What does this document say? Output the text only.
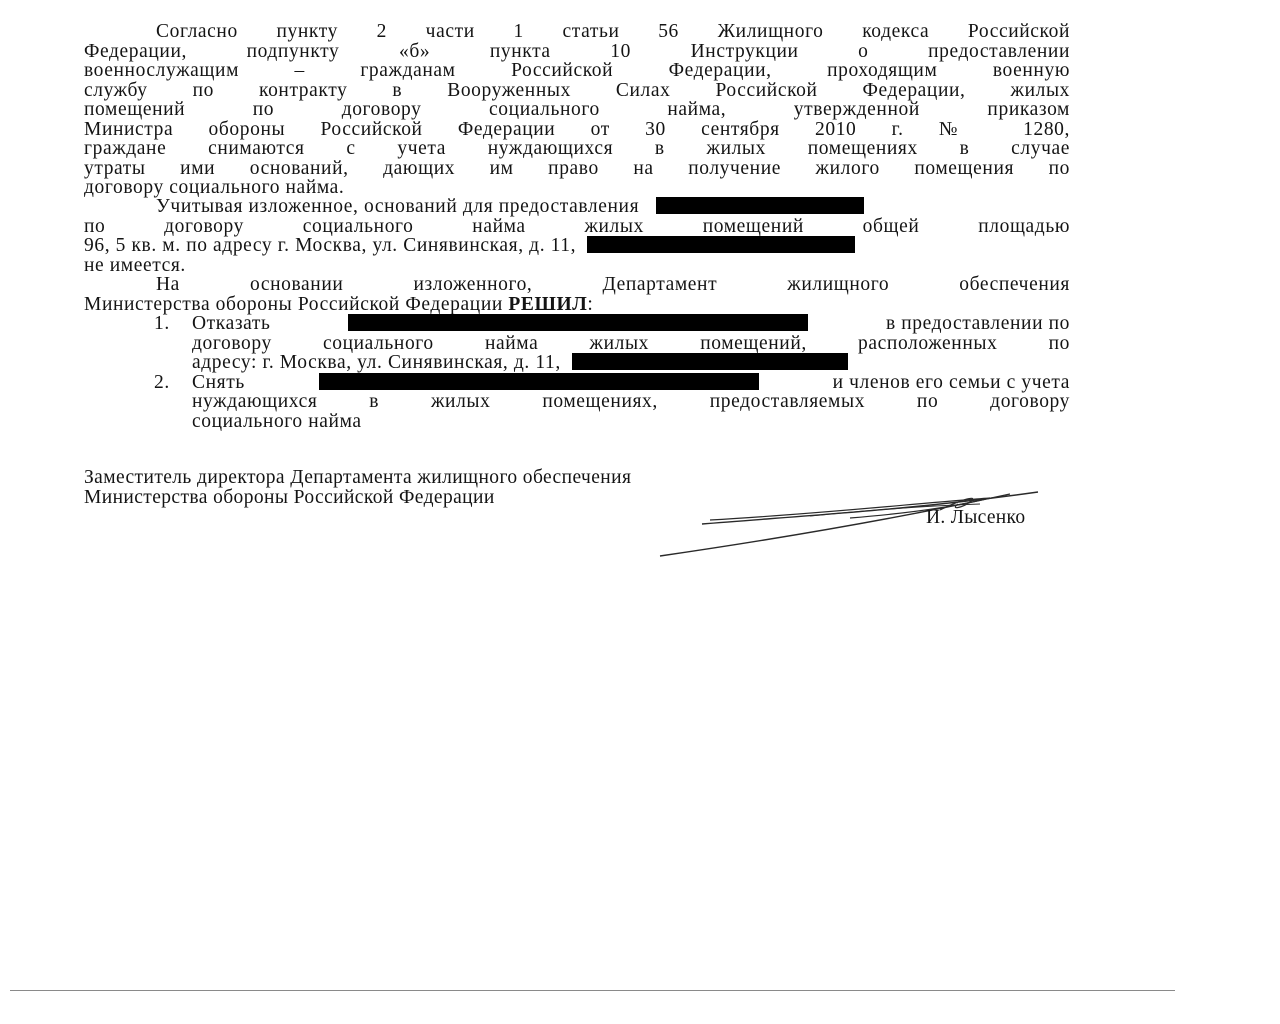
Согласно пункту 2 части 1 статьи 56 Жилищного кодекса Российской
Федерации, подпункту «б» пункта 10 Инструкции о предоставлении
военнослужащим – гражданам Российской Федерации, проходящим военную
службу по контракту в Вооруженных Силах Российской Федерации, жилых
помещений по договору социального найма, утвержденной приказом
Министра обороны Российской Федерации от 30 сентября 2010 г. № 1280,
граждане снимаются с учета нуждающихся в жилых помещениях в случае
утраты ими оснований, дающих им право на получение жилого помещения по
договору социального найма.
Учитывая изложенное, оснований для предоставления
по договору социального найма жилых помещений общей площадью
96, 5 кв. м. по адресу г. Москва, ул. Синявинская, д. 11,
не имеется.
На основании изложенного, Департамент жилищного обеспечения
Министерства обороны Российской Федерации РЕШИЛ:
1. Отказать	в предоставлении по
договору социального найма жилых помещений, расположенных по
адресу: г. Москва, ул. Синявинская, д. 11,
2. Снять	и членов его семьи с учета
нуждающихся в жилых помещениях, предоставляемых по договору
социального найма
Заместитель директора Департамента жилищного обеспечения
Министерства обороны Российской Федерации
И. Лысенко
